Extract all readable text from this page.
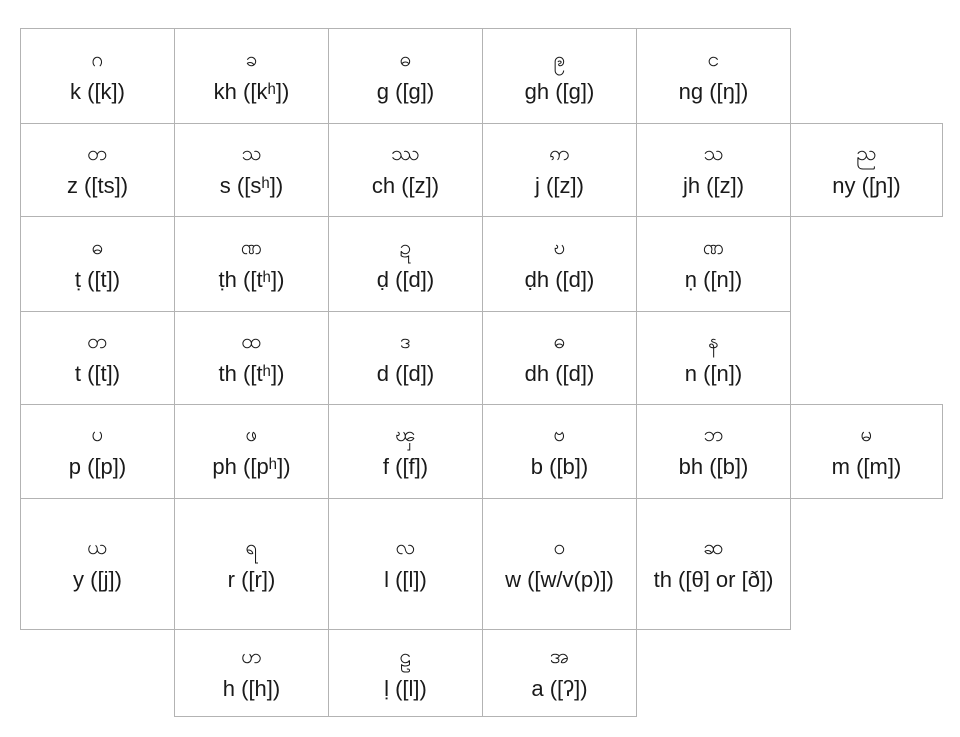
ဂ
k ([k])
ခ
kh ([kʰ])
ဓ
g ([g])
ဨ
gh ([g])
င
ng ([ŋ])
တ
z ([ts])
သ
s ([sʰ])
ဿ
ch ([z])
ဢ
j ([z])
သ
jh ([z])
ည
ny ([ɲ])
ဓ
ṭ ([t])
ဏ
ṭh ([tʰ])
ဍ
ḍ ([d])
ဎ
ḍh ([d])
ဏ
ṇ ([n])
တ
t ([t])
ထ
th ([tʰ])
ဒ
d ([d])
ဓ
dh ([d])
န
n ([n])
ပ
p ([p])
ဖ
ph ([pʰ])
ၾ
f ([f])
ဗ
b ([b])
ဘ
bh ([b])
မ
m ([m])
ယ
y ([j])
ရ
r ([r])
လ
l ([l])
ဝ
w ([w/v(p)])
ဆ
th ([θ] or [ð])
ဟ
h ([h])
ဠ
ḷ ([l])
အ
a ([ʔ])
